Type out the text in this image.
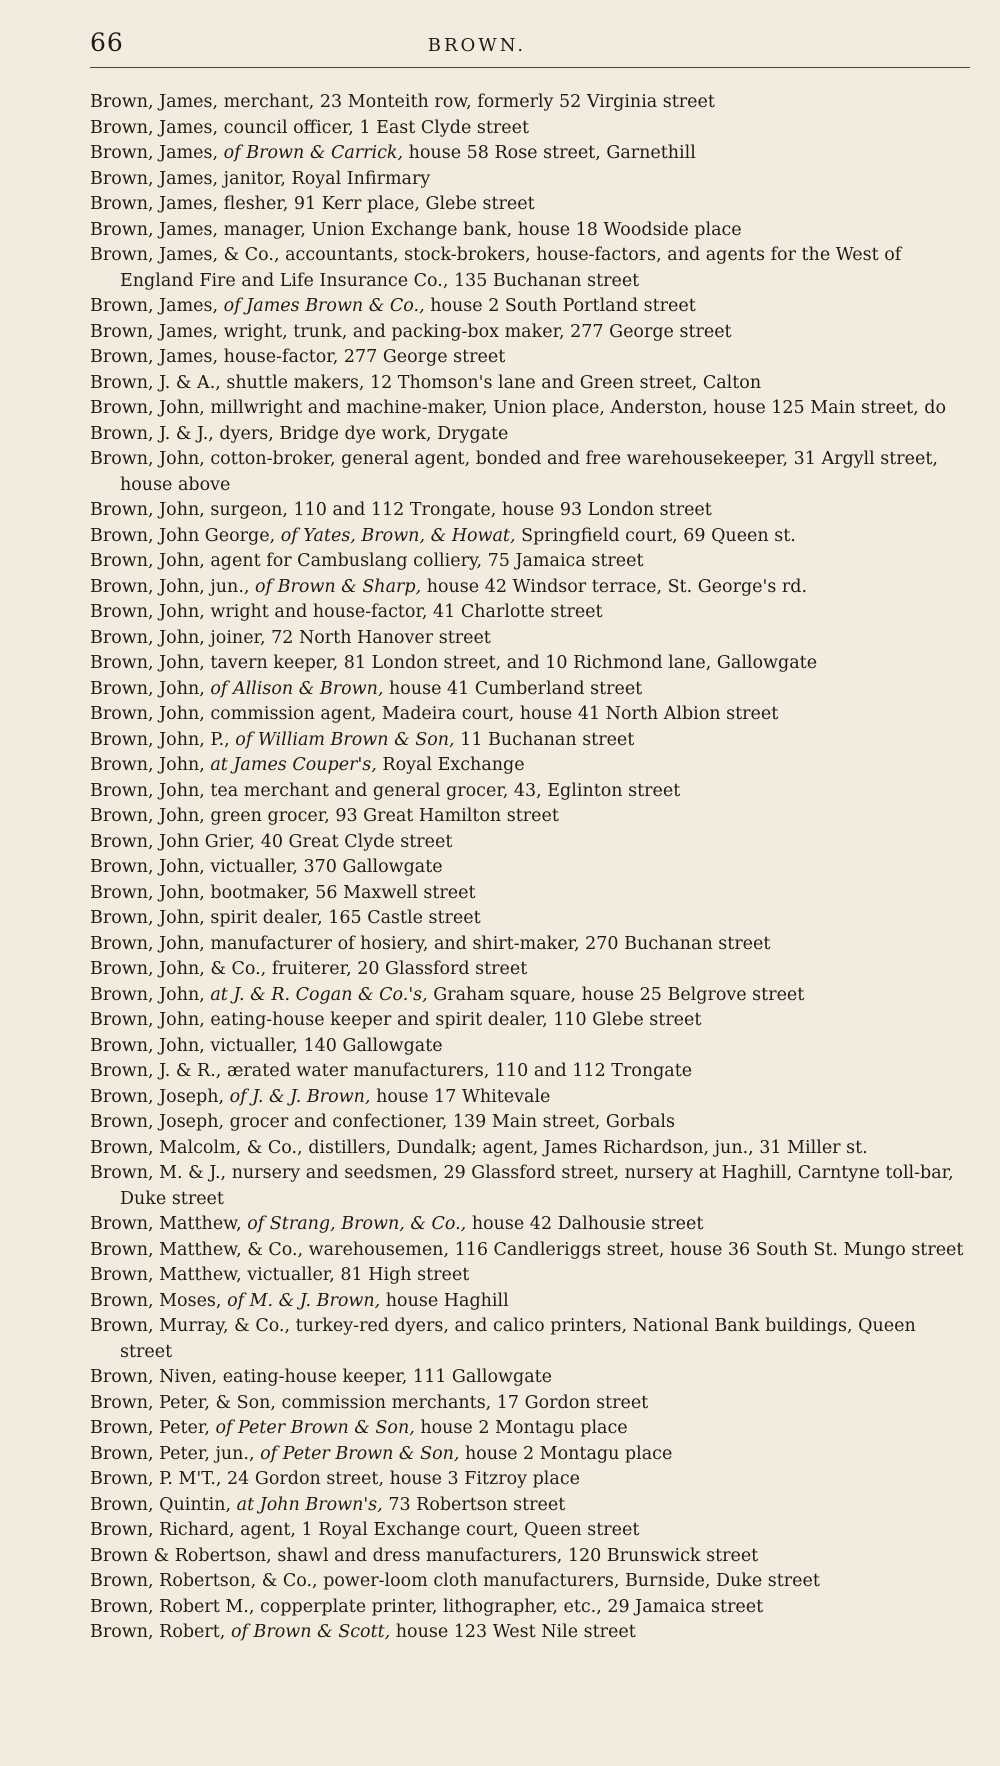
66	BROWN.
Brown, James, merchant, 23 Monteith row, formerly 52 Virginia street
Brown, James, council officer, 1 East Clyde street
Brown, James, of Brown & Carrick, house 58 Rose street, Garnethill
Brown, James, janitor, Royal Infirmary
Brown, James, flesher, 91 Kerr place, Glebe street
Brown, James, manager, Union Exchange bank, house 18 Woodside place
Brown, James, & Co., accountants, stock-brokers, house-factors, and agents for the West of England Fire and Life Insurance Co., 135 Buchanan street
Brown, James, of James Brown & Co., house 2 South Portland street
Brown, James, wright, trunk, and packing-box maker, 277 George street
Brown, James, house-factor, 277 George street
Brown, J. & A., shuttle makers, 12 Thomson's lane and Green street, Calton
Brown, John, millwright and machine-maker, Union place, Anderston, house 125 Main street, do
Brown, J. & J., dyers, Bridge dye work, Drygate
Brown, John, cotton-broker, general agent, bonded and free warehousekeeper, 31 Argyll street, house above
Brown, John, surgeon, 110 and 112 Trongate, house 93 London street
Brown, John George, of Yates, Brown, & Howat, Springfield court, 69 Queen st.
Brown, John, agent for Cambuslang colliery, 75 Jamaica street
Brown, John, jun., of Brown & Sharp, house 42 Windsor terrace, St. George's rd.
Brown, John, wright and house-factor, 41 Charlotte street
Brown, John, joiner, 72 North Hanover street
Brown, John, tavern keeper, 81 London street, and 10 Richmond lane, Gallowgate
Brown, John, of Allison & Brown, house 41 Cumberland street
Brown, John, commission agent, Madeira court, house 41 North Albion street
Brown, John, P., of William Brown & Son, 11 Buchanan street
Brown, John, at James Couper's, Royal Exchange
Brown, John, tea merchant and general grocer, 43, Eglinton street
Brown, John, green grocer, 93 Great Hamilton street
Brown, John Grier, 40 Great Clyde street
Brown, John, victualler, 370 Gallowgate
Brown, John, bootmaker, 56 Maxwell street
Brown, John, spirit dealer, 165 Castle street
Brown, John, manufacturer of hosiery, and shirt-maker, 270 Buchanan street
Brown, John, & Co., fruiterer, 20 Glassford street
Brown, John, at J. & R. Cogan & Co.'s, Graham square, house 25 Belgrove street
Brown, John, eating-house keeper and spirit dealer, 110 Glebe street
Brown, John, victualler, 140 Gallowgate
Brown, J. & R., ærated water manufacturers, 110 and 112 Trongate
Brown, Joseph, of J. & J. Brown, house 17 Whitevale
Brown, Joseph, grocer and confectioner, 139 Main street, Gorbals
Brown, Malcolm, & Co., distillers, Dundalk; agent, James Richardson, jun., 31 Miller st.
Brown, M. & J., nursery and seedsmen, 29 Glassford street, nursery at Haghill, Carntyne toll-bar, Duke street
Brown, Matthew, of Strang, Brown, & Co., house 42 Dalhousie street
Brown, Matthew, & Co., warehousemen, 116 Candleriggs street, house 36 South St. Mungo street
Brown, Matthew, victualler, 81 High street
Brown, Moses, of M. & J. Brown, house Haghill
Brown, Murray, & Co., turkey-red dyers, and calico printers, National Bank buildings, Queen street
Brown, Niven, eating-house keeper, 111 Gallowgate
Brown, Peter, & Son, commission merchants, 17 Gordon street
Brown, Peter, of Peter Brown & Son, house 2 Montagu place
Brown, Peter, jun., of Peter Brown & Son, house 2 Montagu place
Brown, P. M'T., 24 Gordon street, house 3 Fitzroy place
Brown, Quintin, at John Brown's, 73 Robertson street
Brown, Richard, agent, 1 Royal Exchange court, Queen street
Brown & Robertson, shawl and dress manufacturers, 120 Brunswick street
Brown, Robertson, & Co., power-loom cloth manufacturers, Burnside, Duke street
Brown, Robert M., copperplate printer, lithographer, etc., 29 Jamaica street
Brown, Robert, of Brown & Scott, house 123 West Nile street
